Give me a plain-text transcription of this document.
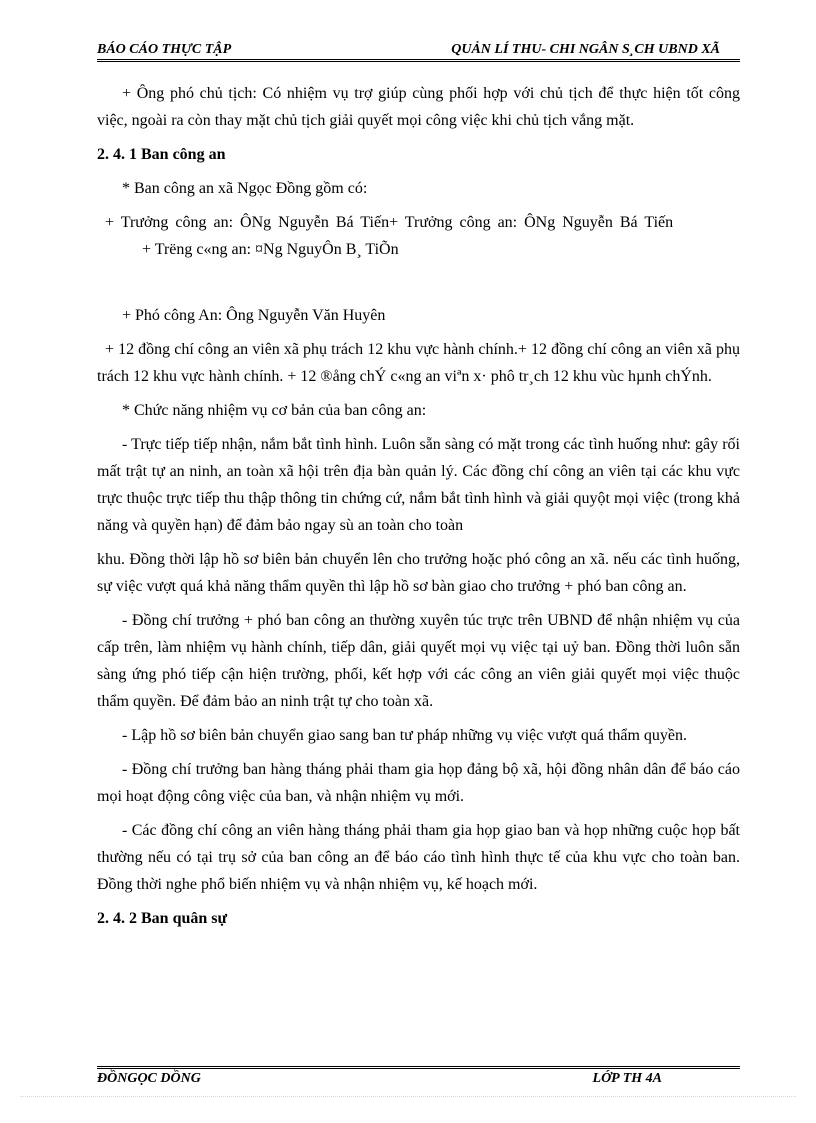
BÁO CÁO THỰC TẬP	QUẢN LÍ THU- CHI NGÂN S¸CH UBND XÃ

+ Ông phó chủ tịch: Có nhiệm vụ trợ giúp cùng phối hợp với chủ tịch để thực hiện tốt công việc, ngoài ra còn thay mặt chủ tịch giải quyết mọi công việc khi chủ tịch vắng mặt.

2. 4. 1 Ban công an

* Ban công an xã Ngọc Đồng gồm có:

+ Trưởng công an: ÔNg Nguyễn Bá Tiến+ Trưởng công an: ÔNg Nguyễn Bá Tiến

+ Trëng c«ng an: ¤Ng NguyÔn B¸ TiÕn

+ Phó công An: Ông Nguyễn Văn Huyên

+ 12 đồng chí công an viên xã phụ trách 12 khu vực hành chính.+ 12 đồng chí công an viên xã phụ trách 12 khu vực hành chính. + 12 ®ång chÝ c«ng an viªn x· phô tr¸ch 12 khu vùc hµnh chÝnh.

* Chức năng nhiệm vụ cơ bản của ban công an:

- Trực tiếp tiếp nhận, nắm bắt tình hình. Luôn sẵn sàng có mặt trong các tình huống như: gây rối mất trật tự an ninh, an toàn xã hội trên địa bàn quản lý. Các đồng chí công an viên tại các khu vực trực thuộc trực tiếp thu thập thông tin chứng cứ, nắm bắt tình hình và giải quyột mọi việc (trong khả năng và quyền hạn) để đảm bảo ngay sù an toàn cho toàn

khu. Đồng thời lập hồ sơ biên bản chuyển lên cho trưởng hoặc phó công an xã. nếu các tình huống, sự việc vượt quá khả năng thẩm quyền thì lập hồ sơ bàn giao cho trưởng + phó ban công an.

- Đồng chí trưởng + phó ban công an thường xuyên túc trực trên UBND để nhận nhiệm vụ của cấp trên, làm nhiệm vụ hành chính, tiếp dân, giải quyết mọi vụ việc tại uỷ ban. Đồng thời luôn sẵn sàng ứng phó tiếp cận hiện trường, phối, kết hợp với các công an viên giải quyết mọi việc thuộc thẩm quyền. Để đảm bảo an ninh trật tự cho toàn xã.

- Lập hồ sơ biên bản chuyển giao sang ban tư pháp những vụ việc vượt quá thẩm quyền.

- Đồng chí trưởng ban hàng tháng phải tham gia họp đảng bộ xã, hội đồng nhân dân để báo cáo mọi hoạt động công việc của ban, và nhận nhiệm vụ mới.

- Các đồng chí công an viên hàng tháng phải tham gia họp giao ban và họp những cuộc họp bất thường nếu có tại trụ sở của ban công an để báo cáo tình hình thực tế của khu vực cho toàn ban. Đồng thời nghe phổ biến nhiệm vụ và nhận nhiệm vụ, kế hoạch mới.

2. 4. 2 Ban quân sự

ĐỒNGỌC DỒNG	LỚP TH 4A
